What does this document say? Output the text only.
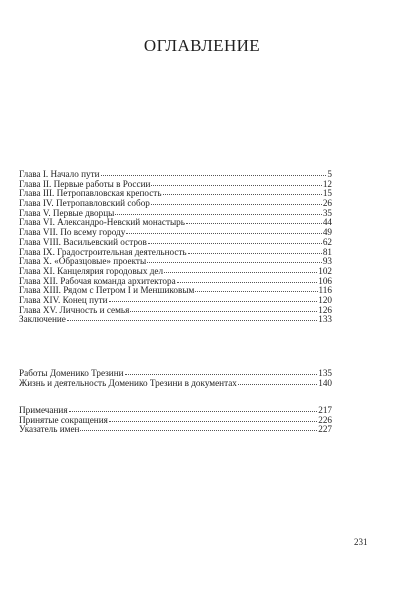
ОГЛАВЛЕНИЕ
Глава I. Начало пути	5
Глава II. Первые работы в России	12
Глава III. Петропавловская крепость	15
Глава IV. Петропавловский собор	26
Глава V. Первые дворцы	35
Глава VI. Александро-Невский монастырь	44
Глава VII. По всему городу	49
Глава VIII. Васильевский остров	62
Глава IX. Градостроительная деятельность	81
Глава X. «Образцовые» проекты	93
Глава XI. Канцелярия городовых дел	102
Глава XII. Рабочая команда архитектора	106
Глава XIII. Рядом с Петром I и Меншиковым	116
Глава XIV. Конец пути	120
Глава XV. Личность и семья	126
Заключение	133
Работы Доменико Трезини	135
Жизнь и деятельность Доменико Трезини в документах	140
Примечания	217
Принятые сокращения	226
Указатель имен	227
231
